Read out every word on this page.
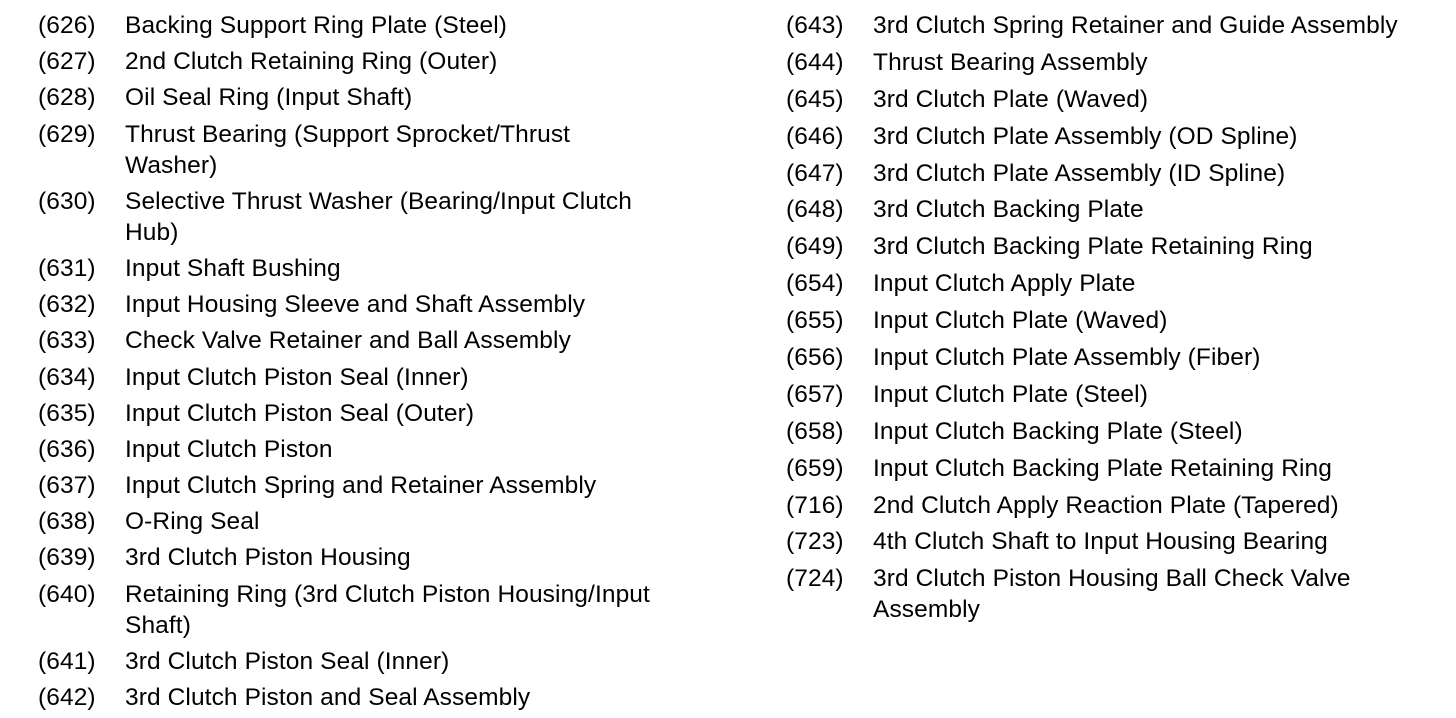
(626)	Backing Support Ring Plate (Steel)
(627)	2nd Clutch Retaining Ring (Outer)
(628)	Oil Seal Ring (Input Shaft)
(629)	Thrust Bearing (Support Sprocket/Thrust Washer)
(630)	Selective Thrust Washer (Bearing/Input Clutch Hub)
(631)	Input Shaft Bushing
(632)	Input Housing Sleeve and Shaft Assembly
(633)	Check Valve Retainer and Ball Assembly
(634)	Input Clutch Piston Seal (Inner)
(635)	Input Clutch Piston Seal (Outer)
(636)	Input Clutch Piston
(637)	Input Clutch Spring and Retainer Assembly
(638)	O-Ring Seal
(639)	3rd Clutch Piston Housing
(640)	Retaining Ring (3rd Clutch Piston Housing/Input Shaft)
(641)	3rd Clutch Piston Seal (Inner)
(642)	3rd Clutch Piston and Seal Assembly
(643)	3rd Clutch Spring Retainer and Guide Assembly
(644)	Thrust Bearing Assembly
(645)	3rd Clutch Plate (Waved)
(646)	3rd Clutch Plate Assembly (OD Spline)
(647)	3rd Clutch Plate Assembly (ID Spline)
(648)	3rd Clutch Backing Plate
(649)	3rd Clutch Backing Plate Retaining Ring
(654)	Input Clutch Apply Plate
(655)	Input Clutch Plate (Waved)
(656)	Input Clutch Plate Assembly (Fiber)
(657)	Input Clutch Plate (Steel)
(658)	Input Clutch Backing Plate (Steel)
(659)	Input Clutch Backing Plate Retaining Ring
(716)	2nd Clutch Apply Reaction Plate (Tapered)
(723)	4th Clutch Shaft to Input Housing Bearing
(724)	3rd Clutch Piston Housing Ball Check Valve Assembly
